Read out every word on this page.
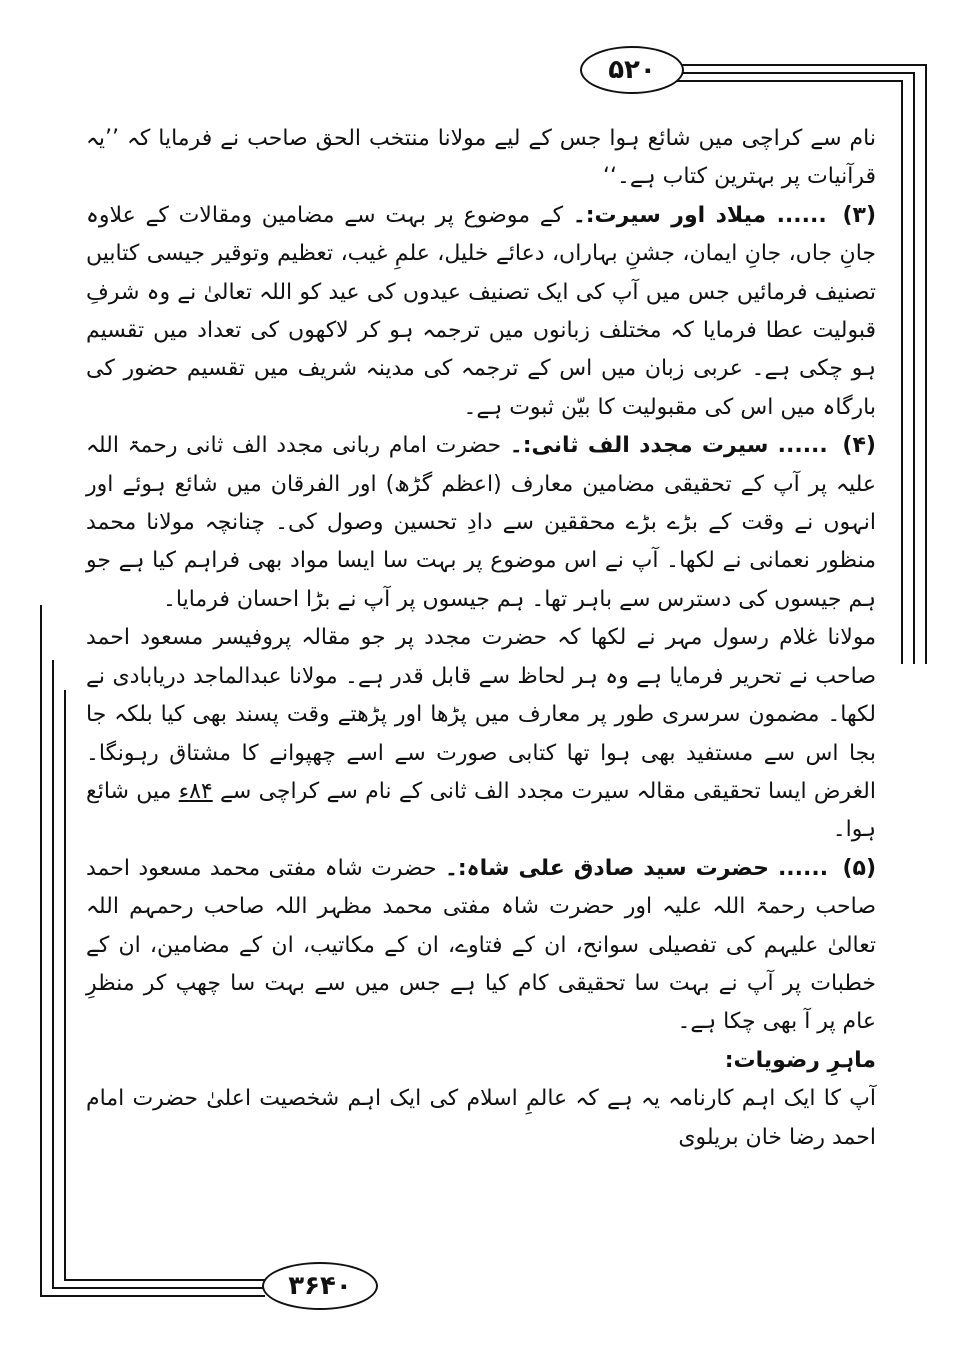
۵۲۰
۳۶۴۰

نام سے کراچی میں شائع ہوا جس کے لیے مولانا منتخب الحق صاحب نے فرمایا کہ ’’یہ قرآنیات پر بہترین کتاب ہے۔‘‘

(۳) ...... میلاد اور سیرت:۔ کے موضوع پر بہت سے مضامین ومقالات کے علاوہ جانِ جاں، جانِ ایمان، جشنِ بہاراں، دعائے خلیل، علمِ غیب، تعظیم وتوقیر جیسی کتابیں تصنیف فرمائیں جس میں آپ کی ایک تصنیف عیدوں کی عید کو اللہ تعالیٰ نے وہ شرفِ قبولیت عطا فرمایا کہ مختلف زبانوں میں ترجمہ ہو کر لاکھوں کی تعداد میں تقسیم ہو چکی ہے۔ عربی زبان میں اس کے ترجمہ کی مدینہ شریف میں تقسیم حضور کی بارگاہ میں اس کی مقبولیت کا بیّن ثبوت ہے۔

(۴) ...... سیرت مجدد الف ثانی:۔ حضرت امام ربانی مجدد الف ثانی رحمۃ اللہ علیہ پر آپ کے تحقیقی مضامین معارف (اعظم گڑھ) اور الفرقان میں شائع ہوئے اور انہوں نے وقت کے بڑے بڑے محققین سے دادِ تحسین وصول کی۔ چنانچہ مولانا محمد منظور نعمانی نے لکھا۔ آپ نے اس موضوع پر بہت سا ایسا مواد بھی فراہم کیا ہے جو ہم جیسوں کی دسترس سے باہر تھا۔ ہم جیسوں پر آپ نے بڑا احسان فرمایا۔

مولانا غلام رسول مہر نے لکھا کہ حضرت مجدد پر جو مقالہ پروفیسر مسعود احمد صاحب نے تحریر فرمایا ہے وہ ہر لحاظ سے قابل قدر ہے۔ مولانا عبدالماجد دریابادی نے لکھا۔ مضمون سرسری طور پر معارف میں پڑھا اور پڑھتے وقت پسند بھی کیا بلکہ جا بجا اس سے مستفید بھی ہوا تھا کتابی صورت سے اسے چھپوانے کا مشتاق رہونگا۔ الغرض ایسا تحقیقی مقالہ سیرت مجدد الف ثانی کے نام سے کراچی سے ۸۴ء میں شائع ہوا۔

(۵) ...... حضرت سید صادق علی شاہ:۔ حضرت شاہ مفتی محمد مسعود احمد صاحب رحمۃ اللہ علیہ اور حضرت شاہ مفتی محمد مظہر اللہ صاحب رحمہم اللہ تعالیٰ علیہم کی تفصیلی سوانح، ان کے فتاوے، ان کے مکاتیب، ان کے مضامین، ان کے خطبات پر آپ نے بہت سا تحقیقی کام کیا ہے جس میں سے بہت سا چھپ کر منظرِ عام پر آ بھی چکا ہے۔

ماہرِ رضویات:

آپ کا ایک اہم کارنامہ یہ ہے کہ عالمِ اسلام کی ایک اہم شخصیت اعلیٰ حضرت امام احمد رضا خان بریلوی
